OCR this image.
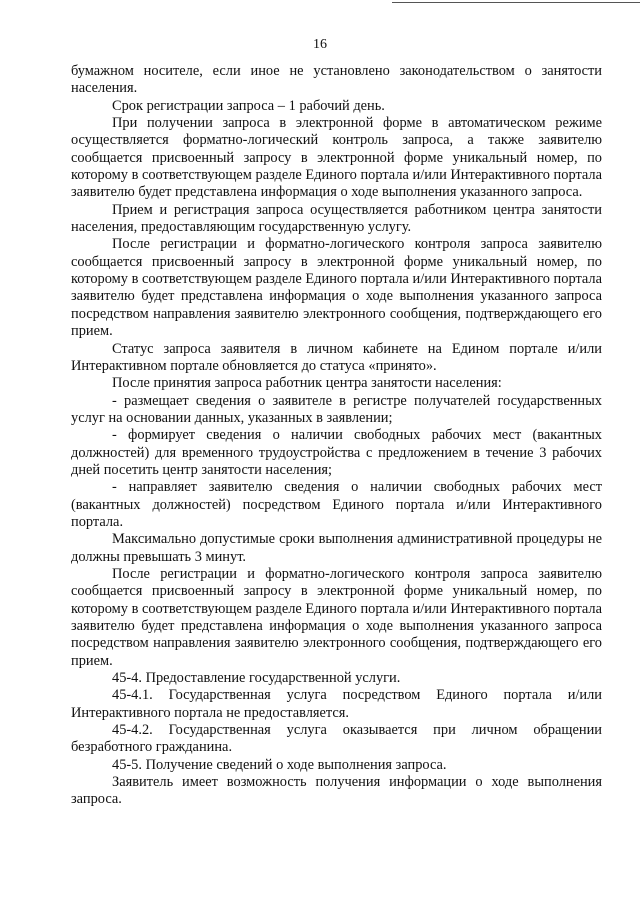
16

бумажном носителе, если иное не установлено законодательством о занятости населения.

Срок регистрации запроса – 1 рабочий день.

При получении запроса в электронной форме в автоматическом режиме осуществляется форматно-логический контроль запроса, а также заявителю сообщается присвоенный запросу в электронной форме уникальный номер, по которому в соответствующем разделе Единого портала и/или Интерактивного портала заявителю будет представлена информация о ходе выполнения указанного запроса.

Прием и регистрация запроса осуществляется работником центра занятости населения, предоставляющим государственную услугу.

После регистрации и форматно-логического контроля запроса заявителю сообщается присвоенный запросу в электронной форме уникальный номер, по которому в соответствующем разделе Единого портала и/или Интерактивного портала заявителю будет представлена информация о ходе выполнения указанного запроса посредством направления заявителю электронного сообщения, подтверждающего его прием.

Статус запроса заявителя в личном кабинете на Едином портале и/или Интерактивном портале обновляется до статуса «принято».

После принятия запроса работник центра занятости населения:

- размещает сведения о заявителе в регистре получателей государственных услуг на основании данных, указанных в заявлении;

- формирует сведения о наличии свободных рабочих мест (вакантных должностей) для временного трудоустройства с предложением в течение 3 рабочих дней посетить центр занятости населения;

- направляет заявителю сведения о наличии свободных рабочих мест (вакантных должностей) посредством Единого портала и/или Интерактивного портала.

Максимально допустимые сроки выполнения административной процедуры не должны превышать 3 минут.

После регистрации и форматно-логического контроля запроса заявителю сообщается присвоенный запросу в электронной форме уникальный номер, по которому в соответствующем разделе Единого портала и/или Интерактивного портала заявителю будет представлена информация о ходе выполнения указанного запроса посредством направления заявителю электронного сообщения, подтверждающего его прием.

45-4. Предоставление государственной услуги.

45-4.1. Государственная услуга посредством Единого портала и/или Интерактивного портала не предоставляется.

45-4.2. Государственная услуга оказывается при личном обращении безработного гражданина.

45-5. Получение сведений о ходе выполнения запроса.

Заявитель имеет возможность получения информации о ходе выполнения запроса.
